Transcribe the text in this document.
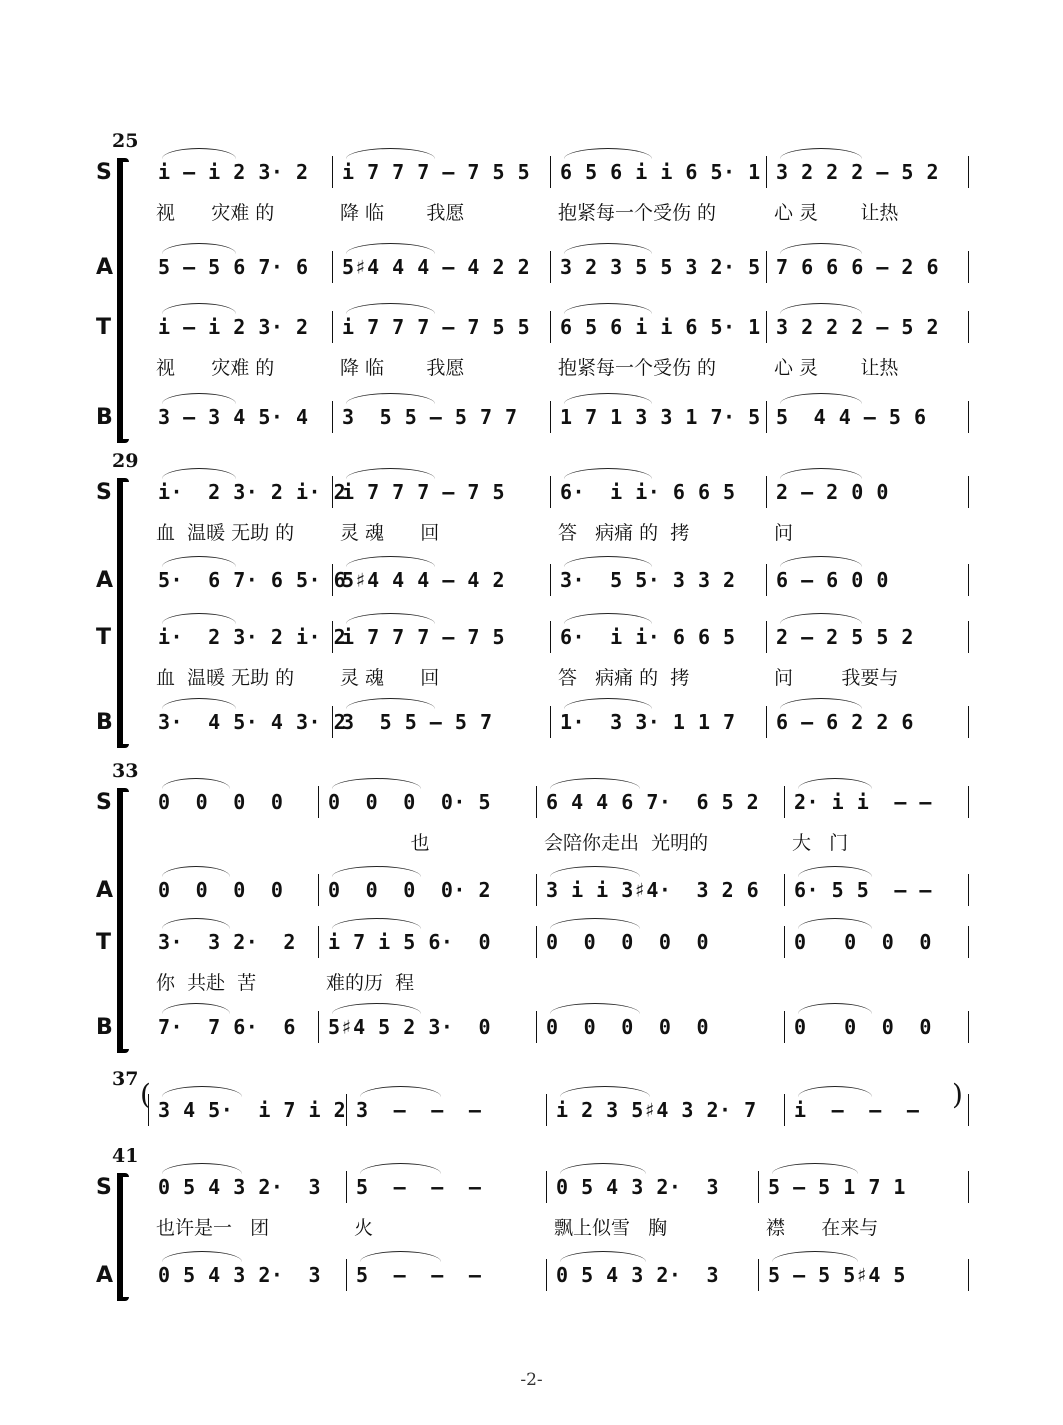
25
S i – i 2 3· 2 i 7 7 7 – 7 5 5 6 5 6 i i 6 5· 1 3 2 2 2 – 5 2
视      灾难 的	降 临       我愿	抱紧每一个受伤 的	心 灵       让热
A 5 – 5 6 7· 6 5♯4 4 4 – 4 2 2 3 2 3 5 5 3 2· 5 7 6 6 6 – 2 6
T i – i 2 3· 2 i 7 7 7 – 7 5 5 6 5 6 i i 6 5· 1 3 2 2 2 – 5 2
视      灾难 的	降 临       我愿	抱紧每一个受伤 的	心 灵       让热
B 3 – 3 4 5· 4 3  5 5 – 5 7 7 1 7 1 3 3 1 7· 5 5  4 4 – 5 6
29
S i·  2 3· 2 i· 2
i 7 7 7 – 7 5	6·  i i· 6 6 5 2 – 2 0 0
血  温暖 无助 的 灵 魂      回	答   病痛 的  拷	问
A 5·  6 7· 6 5· 6
5♯4 4 4 – 4 2	3·  5 5· 3 3 2 6 – 6 0 0
T i·  2 3· 2 i· 2
i 7 7 7 – 7 5	6·  i i· 6 6 5 2 – 2 5 5 2
血  温暖 无助 的 灵 魂      回	答   病痛 的  拷	问        我要与
B 3·  4 5· 4 3· 2
3  5 5 – 5 7	1·  3 3· 1 1 7 6 – 6 2 2 6
33
S 0  0  0  0 0  0  0  0· 5	6 4 4 6 7·  6 5 2 2· i i  – –
也	会陪你走出  光明的	大   门
A 0  0  0  0 0  0  0  0· 2	3 i i 3♯4·  3 2 6 6· 5 5  – –
T 3·  3 2·  2 i 7 i 5 6·  0	0  0  0  0  0	0   0  0  0
你  共赴  苦	难的历  程
B 7·  7 6·  6 5♯4 5 2 3·  0	0  0  0  0  0	0   0  0  0
37 (	)
3 4 5·  i 7 i 2 3  –  –  –	i 2 3 5♯4 3 2· 7 i  –  –  –
41
S 0 5 4 3 2·  3 5  –  –  –	0 5 4 3 2·  3 5 – 5 1 7 1
也许是一   团	火	飘上似雪   胸	襟      在来与
A 0 5 4 3 2·  3 5  –  –  –	0 5 4 3 2·  3 5 – 5 5♯4 5
-2-
